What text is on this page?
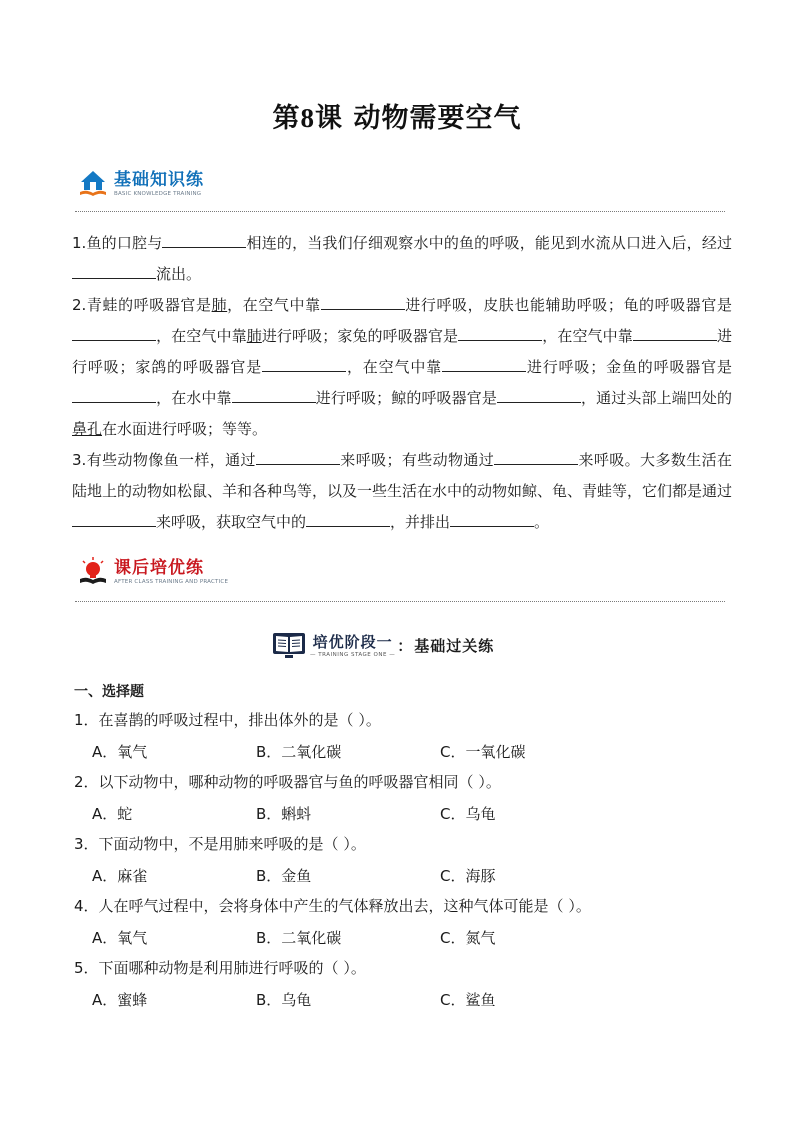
第8课 动物需要空气
基础知识练
BASIC KNOWLEDGE TRAINING
1.鱼的口腔与	相连的，当我们仔细观察水中的鱼的呼吸，能见到水流从口进入后，经过流出。
2.青蛙的呼吸器官是肺，在空气中靠	进行呼吸，皮肤也能辅助呼吸；龟的呼吸器官是，在空气中靠肺进行呼吸；家兔的呼吸器官是	，在空气中靠	进行呼吸；家鸽的呼吸器官是	，在空气中靠	进行呼吸；金鱼的呼吸器官是，在水中靠	进行呼吸；鲸的呼吸器官是	，通过头部上端凹处的鼻孔在水面进行呼吸；等等。
3.有些动物像鱼一样，通过	来呼吸；有些动物通过	来呼吸。大多数生活在陆地上的动物如松鼠、羊和各种鸟等，以及一些生活在水中的动物如鲸、龟、青蛙等，它们都是通过来呼吸，获取空气中的	，并排出	。
课后培优练
AFTER CLASS TRAINING AND PRACTICE
培优阶段一
— TRAINING STAGE ONE — ： 基础过关练
一、选择题
1．在喜鹊的呼吸过程中，排出体外的是（ ）。
A．氧气	B．二氧化碳	C．一氧化碳
2．以下动物中，哪种动物的呼吸器官与鱼的呼吸器官相同（ ）。
A．蛇	B．蝌蚪	C．乌龟
3．下面动物中，不是用肺来呼吸的是（ ）。
A．麻雀	B．金鱼	C．海豚
4．人在呼气过程中，会将身体中产生的气体释放出去，这种气体可能是（ ）。
A．氧气	B．二氧化碳	C．氮气
5．下面哪种动物是利用肺进行呼吸的（ ）。
A．蜜蜂	B．乌龟	C．鲨鱼
